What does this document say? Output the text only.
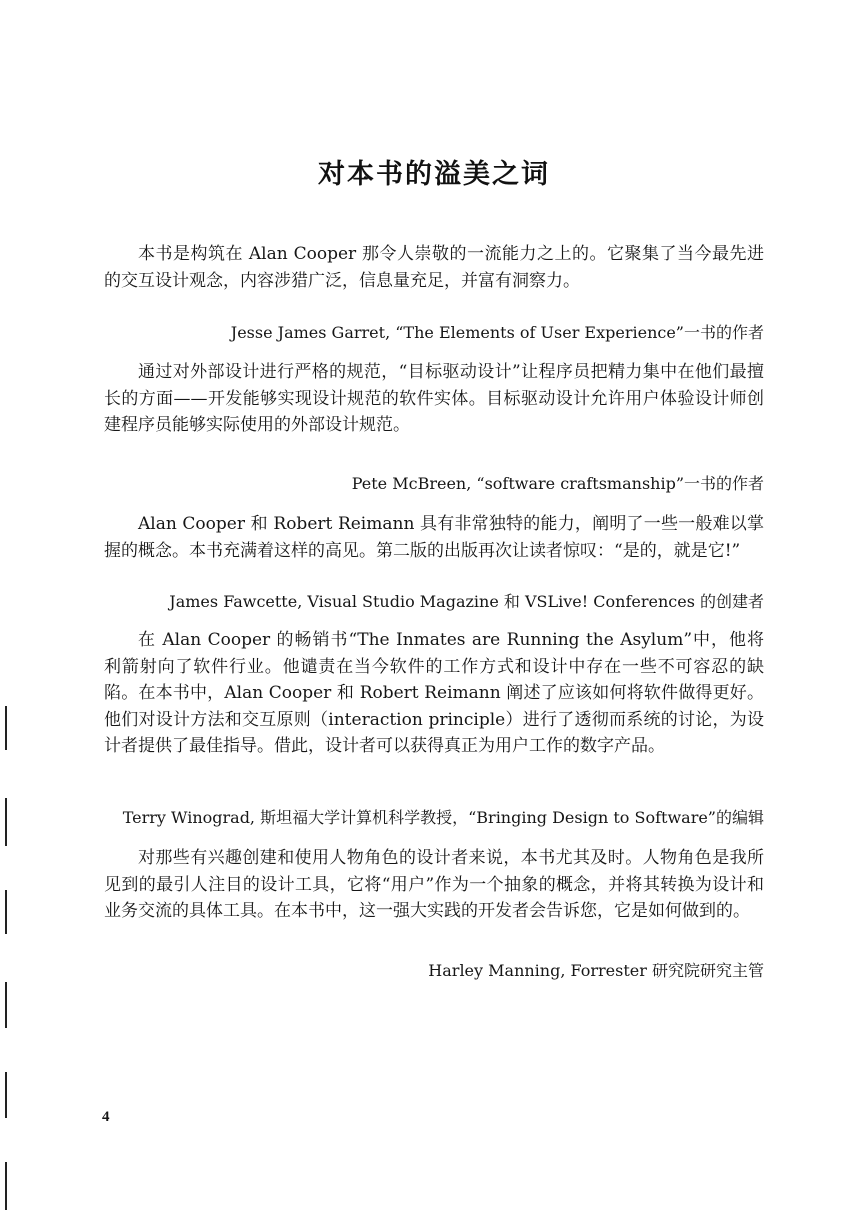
对本书的溢美之词

本书是构筑在 Alan Cooper 那令人崇敬的一流能力之上的。它聚集了当今最先进的交互设计观念，内容涉猎广泛，信息量充足，并富有洞察力。

Jesse James Garret, “The Elements of User Experience”一书的作者

通过对外部设计进行严格的规范，“目标驱动设计”让程序员把精力集中在他们最擅长的方面——开发能够实现设计规范的软件实体。目标驱动设计允许用户体验设计师创建程序员能够实际使用的外部设计规范。

Pete McBreen, “software craftsmanship”一书的作者

Alan Cooper 和 Robert Reimann 具有非常独特的能力，阐明了一些一般难以掌握的概念。本书充满着这样的高见。第二版的出版再次让读者惊叹：“是的，就是它!”

James Fawcette, Visual Studio Magazine 和 VSLive! Conferences 的创建者

在 Alan Cooper 的畅销书“The Inmates are Running the Asylum”中，他将利箭射向了软件行业。他谴责在当今软件的工作方式和设计中存在一些不可容忍的缺陷。在本书中，Alan Cooper 和 Robert Reimann 阐述了应该如何将软件做得更好。他们对设计方法和交互原则（interaction principle）进行了透彻而系统的讨论，为设计者提供了最佳指导。借此，设计者可以获得真正为用户工作的数字产品。

Terry Winograd, 斯坦福大学计算机科学教授，“Bringing Design to Software”的编辑

对那些有兴趣创建和使用人物角色的设计者来说，本书尤其及时。人物角色是我所见到的最引人注目的设计工具，它将“用户”作为一个抽象的概念，并将其转换为设计和业务交流的具体工具。在本书中，这一强大实践的开发者会告诉您，它是如何做到的。

Harley Manning, Forrester 研究院研究主管

4
